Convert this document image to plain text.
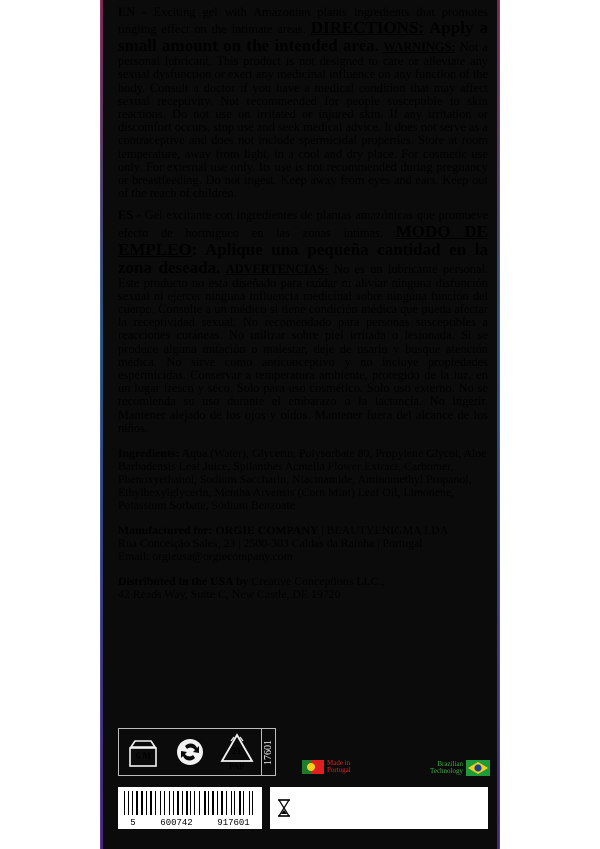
EN - Exciting gel with Amazonian plants ingredients that promotes tingling effect on the intimate areas. DIRECTIONS: Apply a small amount on the intended area. WARNINGS: Not a personal lubricant. This product is not designed to care or alleviate any sexual dysfunction or exert any medicinal influence on any function of the body. Consult a doctor if you have a medical condition that may affect sexual receptivity. Not recommended for people susceptible to skin reactions. Do not use on irritated or injured skin. If any irritation or discomfort occurs, stop use and seek medical advice. It does not serve as a contraceptive and does not include spermicidal properties. Store at room temperature, away from light, in a cool and dry place. For cosmetic use only. For external use only. Its use is not recommended during pregnancy or breastfeeding. Do not ingest. Keep away from eyes and ears. Keep out of the reach of children.

ES - Gel excitante con ingredientes de plantas amazónicas que promueve efecto de hormigueo en las zonas íntimas. MODO DE EMPLEO: Aplique una pequeña cantidad en la zona deseada. ADVERTENCIAS: No es un lubricante personal. Este producto no está diseñado para cuidar ni aliviar ninguna disfunción sexual ni ejercer ninguna influencia medicinal sobre ningúna función del cuerpo. Consulte a un médico si tiene condición médica que pueda afectar la receptividad sexual. No recomendado para personas susceptibles a reacciones cutáneas. No utilizar sobre piel irritada o lesionada. Si se produce alguna imtación o malestar, deje de usarlo y busque atención médica. No sirve como anticonceptivo y no incluye propiedades espermicidas. Conservar a temperatura ambiente, protegido de la luz, en un lugar fresco y seco. Solo para uso cosmético. Solo uso externo. No se recomienda su uso durante el embarazo o la lactancia. No ingerir. Mantener alejado de los ojos y oídos. Mantener fuera del alcance de los niños.

Ingredients: Aqua (Water), Glycerin, Polysorbate 80, Propylene Glycol, Aloe Barbadensis Leaf Juice, Spilanthes Acmella Flower Extract, Carbomer, Phenoxyethanol, Sodium Saccharin, Niacinamide, Aminomethyl Propanol, Ethylhexylglycerin, Mentha Arvensis (Corn Mint) Leaf Oil, Limonene, Potassium Sorbate, Sodium Benzoate

Manufactured for: ORGIE COMPANY | BEAUTYENIGMA LDA
Rua Conceição Sales, 23 | 2500-303 Caldas da Rainha | Portugal
Email: orgieusa@orgiecompany.com

Distributed in the USA by Creative Conceptions LLC.,
42 Reads Way, Suite C, New Castle, DE 19720

6 M	21
PAP
17601	Made in
Portugal
Brazilian
Technology
5	600742	917601
